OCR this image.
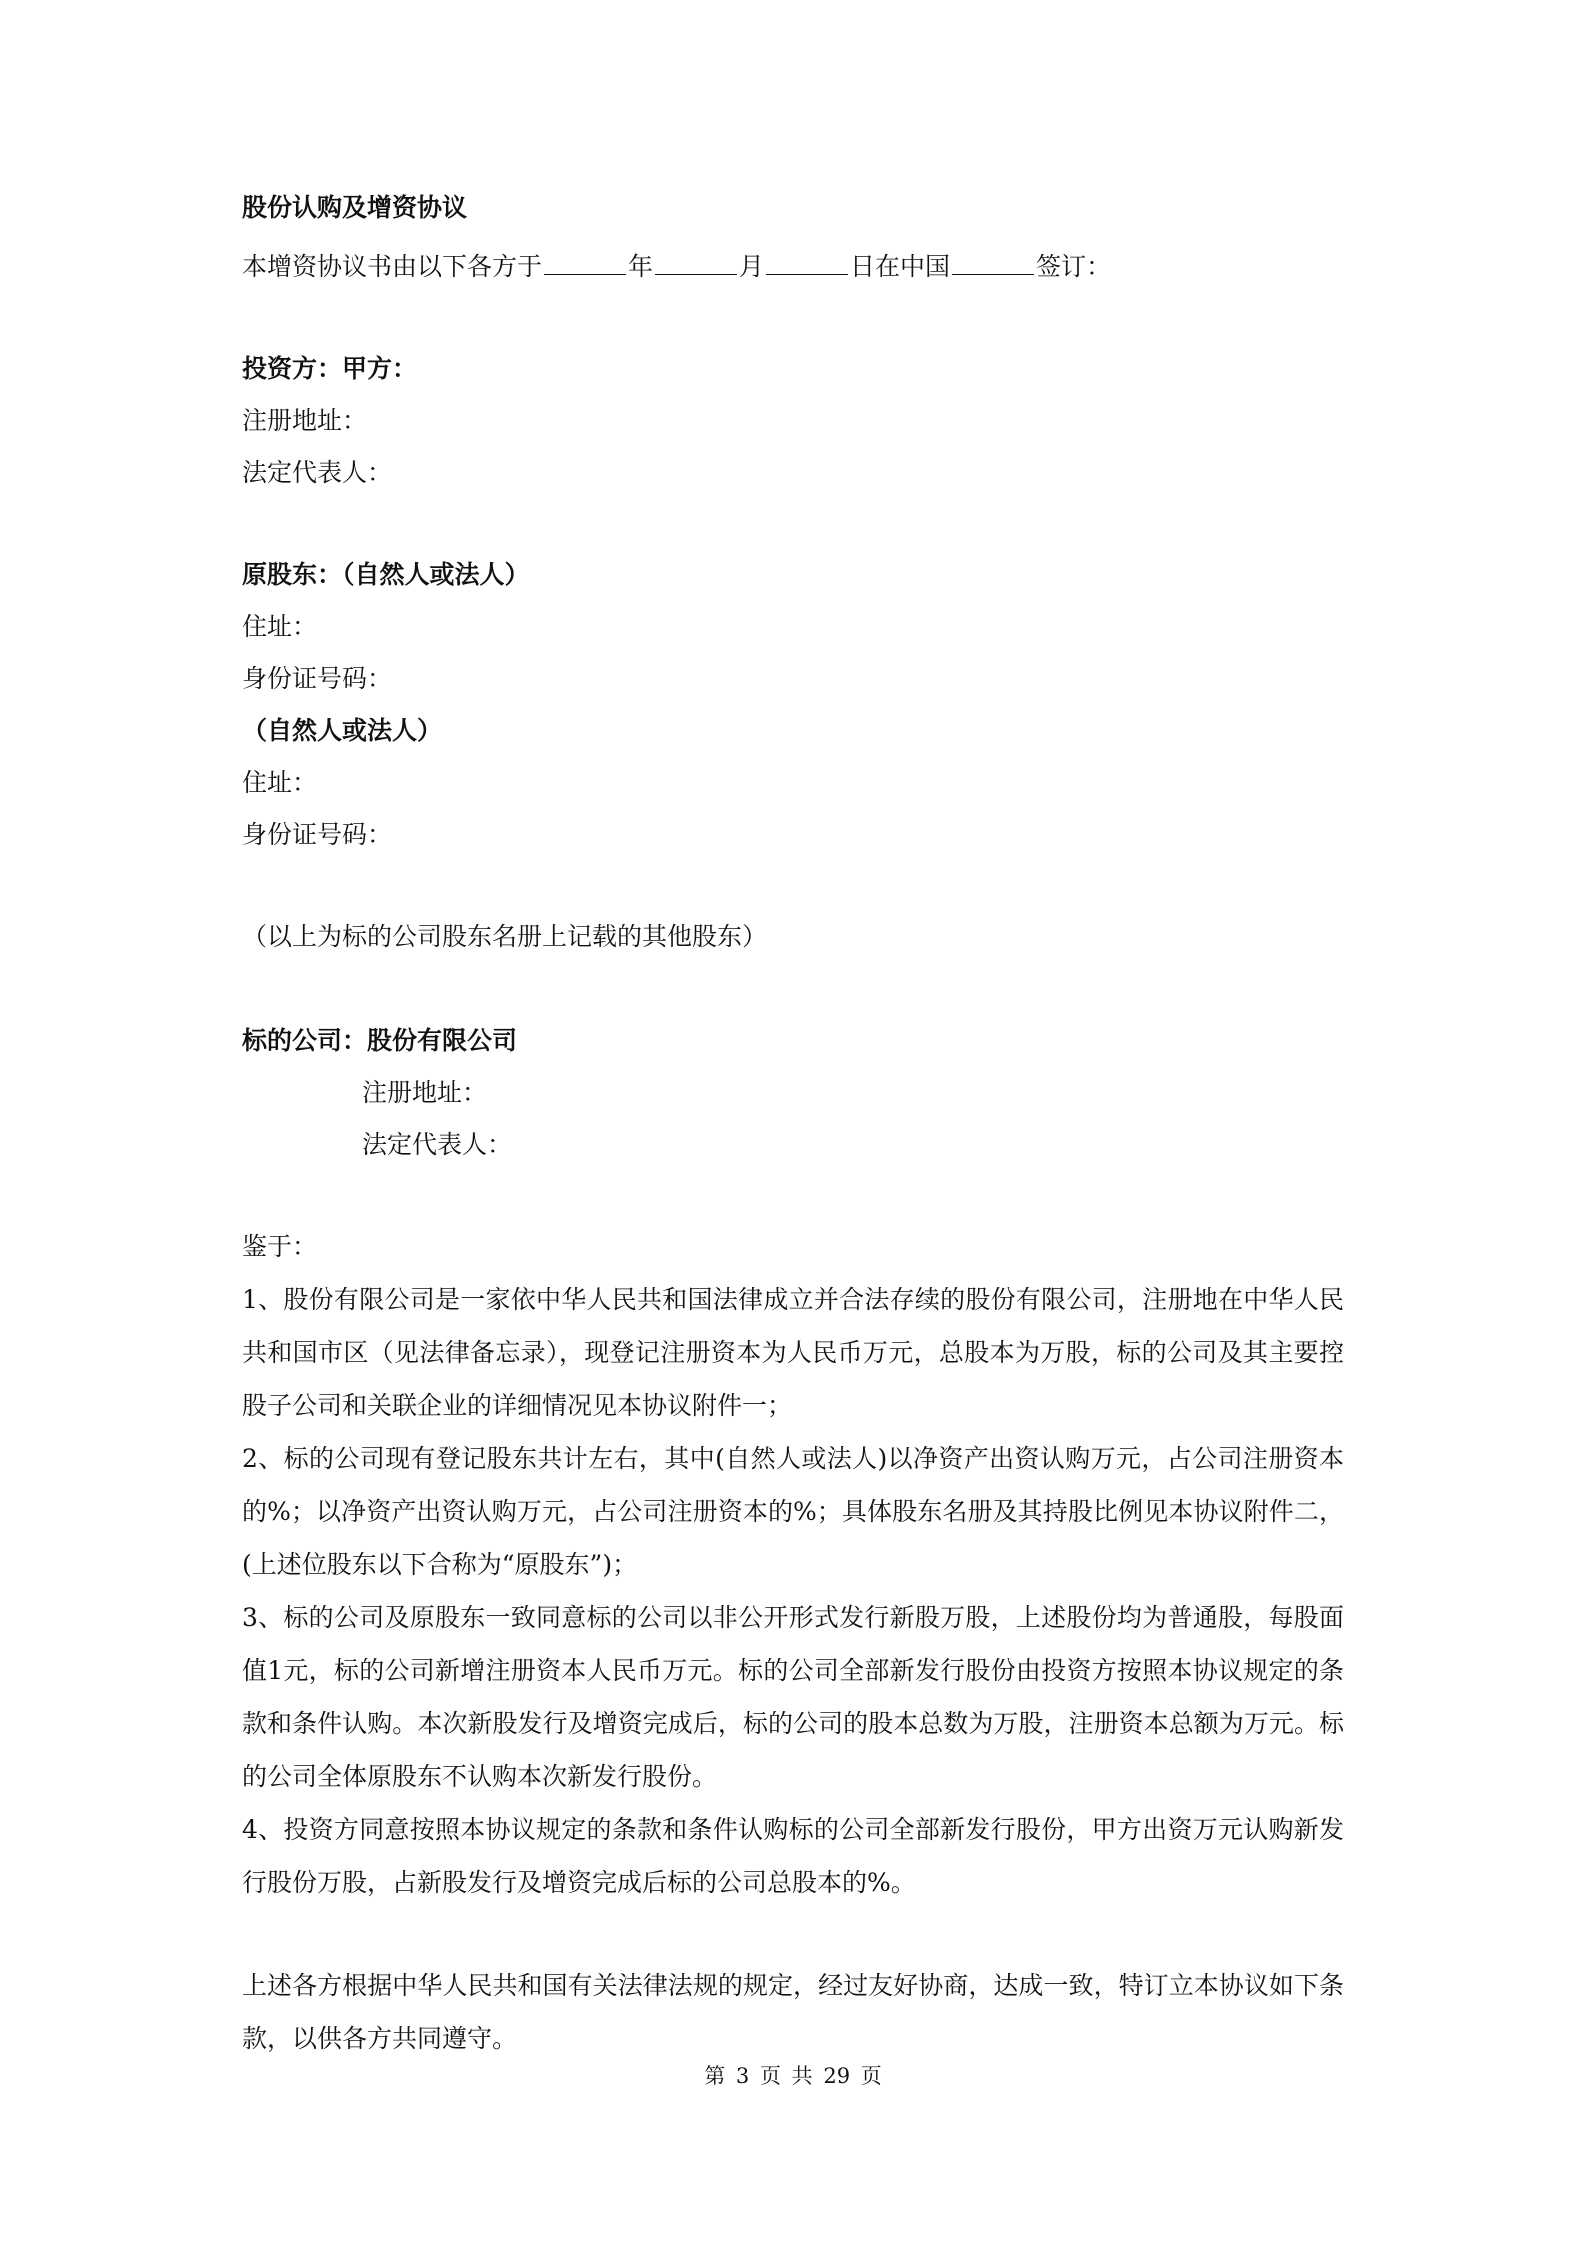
股份认购及增资协议
本增资协议书由以下各方于	年	月	日在中国	签订：
投资方：甲方：
注册地址：
法定代表人：
原股东：（自然人或法人）
住址：
身份证号码：
（自然人或法人）
住址：
身份证号码：
（以上为标的公司股东名册上记载的其他股东）
标的公司：股份有限公司
注册地址：
法定代表人：
鉴于：
1、股份有限公司是一家依中华人民共和国法律成立并合法存续的股份有限公司，注册地在中华人民共和国市区（见法律备忘录），现登记注册资本为人民币万元，总股本为万股，标的公司及其主要控股子公司和关联企业的详细情况见本协议附件一；
2、标的公司现有登记股东共计左右，其中(自然人或法人)以净资产出资认购万元，占公司注册资本的%；以净资产出资认购万元，占公司注册资本的%；具体股东名册及其持股比例见本协议附件二，(上述位股东以下合称为“原股东”)；
3、标的公司及原股东一致同意标的公司以非公开形式发行新股万股，上述股份均为普通股，每股面值1元，标的公司新增注册资本人民币万元。标的公司全部新发行股份由投资方按照本协议规定的条款和条件认购。本次新股发行及增资完成后，标的公司的股本总数为万股，注册资本总额为万元。标的公司全体原股东不认购本次新发行股份。
4、投资方同意按照本协议规定的条款和条件认购标的公司全部新发行股份，甲方出资万元认购新发行股份万股，占新股发行及增资完成后标的公司总股本的%。
上述各方根据中华人民共和国有关法律法规的规定，经过友好协商，达成一致，特订立本协议如下条款，以供各方共同遵守。
第 3 页 共 29 页
